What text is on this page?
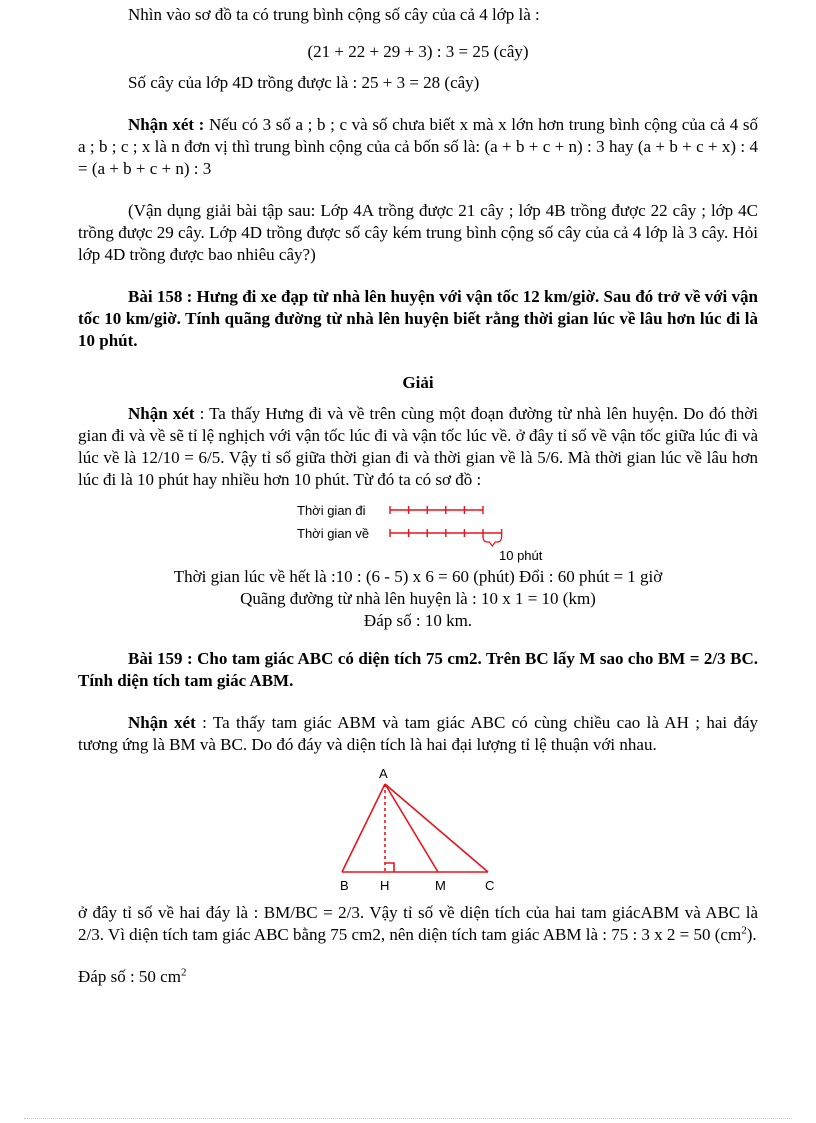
Nhìn vào sơ đồ ta có trung bình cộng số cây của cả 4 lớp là :

(21 + 22 + 29 + 3) : 3 = 25 (cây)

Số cây của lớp 4D trồng được là : 25 + 3 = 28 (cây)

Nhận xét : Nếu có 3 số a ; b ; c và số chưa biết x mà x lớn hơn trung bình cộng của cả 4 số a ; b ; c ; x là n đơn vị thì trung bình cộng của cả bốn số là: (a + b + c + n) : 3 hay (a + b + c + x) : 4 = (a + b + c + n) : 3

(Vận dụng giải bài tập sau: Lớp 4A trồng được 21 cây ; lớp 4B trồng được 22 cây ; lớp 4C trồng được 29 cây. Lớp 4D trồng được số cây kém trung bình cộng số cây của cả 4 lớp là 3 cây. Hỏi lớp 4D trồng được bao nhiêu cây?)

Bài 158 : Hưng đi xe đạp từ nhà lên huyện với vận tốc 12 km/giờ. Sau đó trở về với vận tốc 10 km/giờ. Tính quãng đường từ nhà lên huyện biết rằng thời gian lúc về lâu hơn lúc đi là 10 phút.

Giải

Nhận xét : Ta thấy Hưng đi và về trên cùng một đoạn đường từ nhà lên huyện. Do đó thời gian đi và về sẽ tỉ lệ nghịch với vận tốc lúc đi và vận tốc lúc về. ở đây tỉ số về vận tốc giữa lúc đi và lúc về là 12/10 = 6/5. Vậy tỉ số giữa thời gian đi và thời gian về là 5/6. Mà thời gian lúc về lâu hơn lúc đi là 10 phút hay nhiều hơn 10 phút. Từ đó ta có sơ đồ :

Thời gian đi
Thời gian về
10 phút

Thời gian lúc về hết là :10 : (6 - 5) x 6 = 60 (phút) Đổi : 60 phút = 1 giờ

Quãng đường từ nhà lên huyện là : 10 x 1 = 10 (km)

Đáp số : 10 km.

Bài 159 : Cho tam giác ABC có diện tích 75 cm2. Trên BC lấy M sao cho BM = 2/3 BC. Tính diện tích tam giác ABM.

Nhận xét : Ta thấy tam giác ABM và tam giác ABC có cùng chiều cao là AH ; hai đáy tương ứng là BM và BC. Do đó đáy và diện tích là hai đại lượng tỉ lệ thuận với nhau.

A
B H	M	C

ở đây tỉ số về hai đáy là : BM/BC = 2/3. Vậy tỉ số về diện tích của hai tam giácABM và ABC là 2/3. Vì diện tích tam giác ABC bằng 75 cm2, nên diện tích tam giác ABM là : 75 : 3 x 2 = 50 $(cm^2)$.

Đáp số : 50 $cm^2$
